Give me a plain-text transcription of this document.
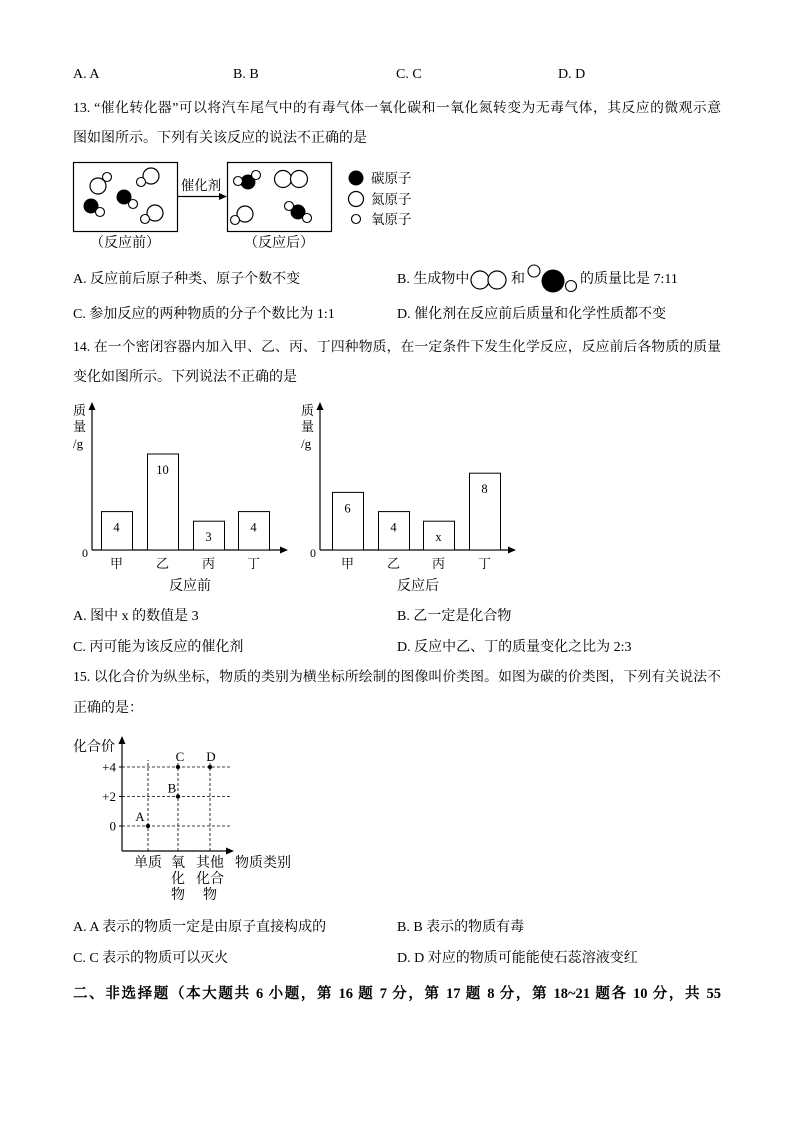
催化剂
（反应前）	（反应后）
碳原子
氮原子
氧原子
质量/g
0
4
甲
10
乙
3
丙
4
丁
反应前
质量/g
0
6
甲
4
乙
x
丙
8
丁
反应后
化合价
物质类别
+4
+2
0
单质 氧化物
其他化合物
A
B
C D
A. A	B. B	C. C	D. D
13. “催化转化器”可以将汽车尾气中的有毒气体一氧化碳和一氧化氮转变为无毒气体，其反应的微观示意
图如图所示。下列有关该反应的说法不正确的是
A. 反应前后原子种类、原子个数不变	B. 生成物中	和	的质量比是 7:11
C. 参加反应的两种物质的分子个数比为 1:1	D. 催化剂在反应前后质量和化学性质都不变
14. 在一个密闭容器内加入甲、乙、丙、丁四种物质，在一定条件下发生化学反应，反应前后各物质的质量
变化如图所示。下列说法不正确的是
A. 图中 x 的数值是 3	B. 乙一定是化合物
C. 丙可能为该反应的催化剂	D. 反应中乙、丁的质量变化之比为 2:3
15. 以化合价为纵坐标，物质的类别为横坐标所绘制的图像叫价类图。如图为碳的价类图，下列有关说法不
正确的是：
A. A 表示的物质一定是由原子直接构成的	B. B 表示的物质有毒
C. C 表示的物质可以灭火	D. D 对应的物质可能能使石蕊溶液变红
二、非选择题（本大题共 6 小题，第 16 题 7 分，第 17 题 8 分，第 18~21 题各 10 分，共 55
